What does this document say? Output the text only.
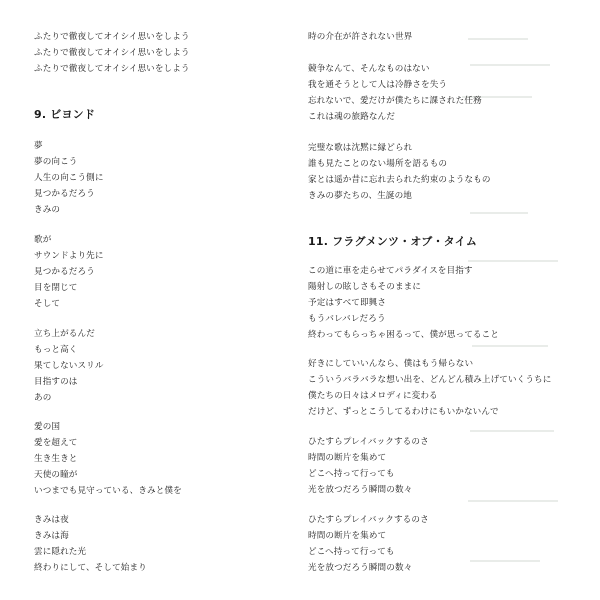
ふたりで徹夜してオイシイ思いをしよう
ふたりで徹夜してオイシイ思いをしよう
ふたりで徹夜してオイシイ思いをしよう
9. ビヨンド
夢
夢の向こう
人生の向こう側に
見つかるだろう
きみの
歌が
サウンドより先に
見つかるだろう
目を閉じて
そして
立ち上がるんだ
もっと高く
果てしないスリル
目指すのは
あの
愛の国
愛を超えて
生き生きと
天使の瞳が
いつまでも見守っている、きみと僕を
きみは夜
きみは海
雲に隠れた光
終わりにして、そして始まり
時の介在が許されない世界
競争なんて、そんなものはない
我を通そうとして人は冷静さを失う
忘れないで、愛だけが僕たちに課された任務
これは魂の旅路なんだ
完璧な歌は沈黙に縁どられ
誰も見たことのない場所を語るもの
家とは遥か昔に忘れ去られた約束のようなもの
きみの夢たちの、生誕の地
11. フラグメンツ・オブ・タイム
この道に車を走らせてパラダイスを目指す
陽射しの眩しさもそのままに
予定はすべて即興さ
もうバレバレだろう
終わってもらっちゃ困るって、僕が思ってること
好きにしていいんなら、僕はもう帰らない
こういうバラバラな想い出を、どんどん積み上げていくうちに
僕たちの日々はメロディに変わる
だけど、ずっとこうしてるわけにもいかないんで
ひたすらプレイバックするのさ
時間の断片を集めて
どこへ持って行っても
光を放つだろう瞬間の数々
ひたすらプレイバックするのさ
時間の断片を集めて
どこへ持って行っても
光を放つだろう瞬間の数々
